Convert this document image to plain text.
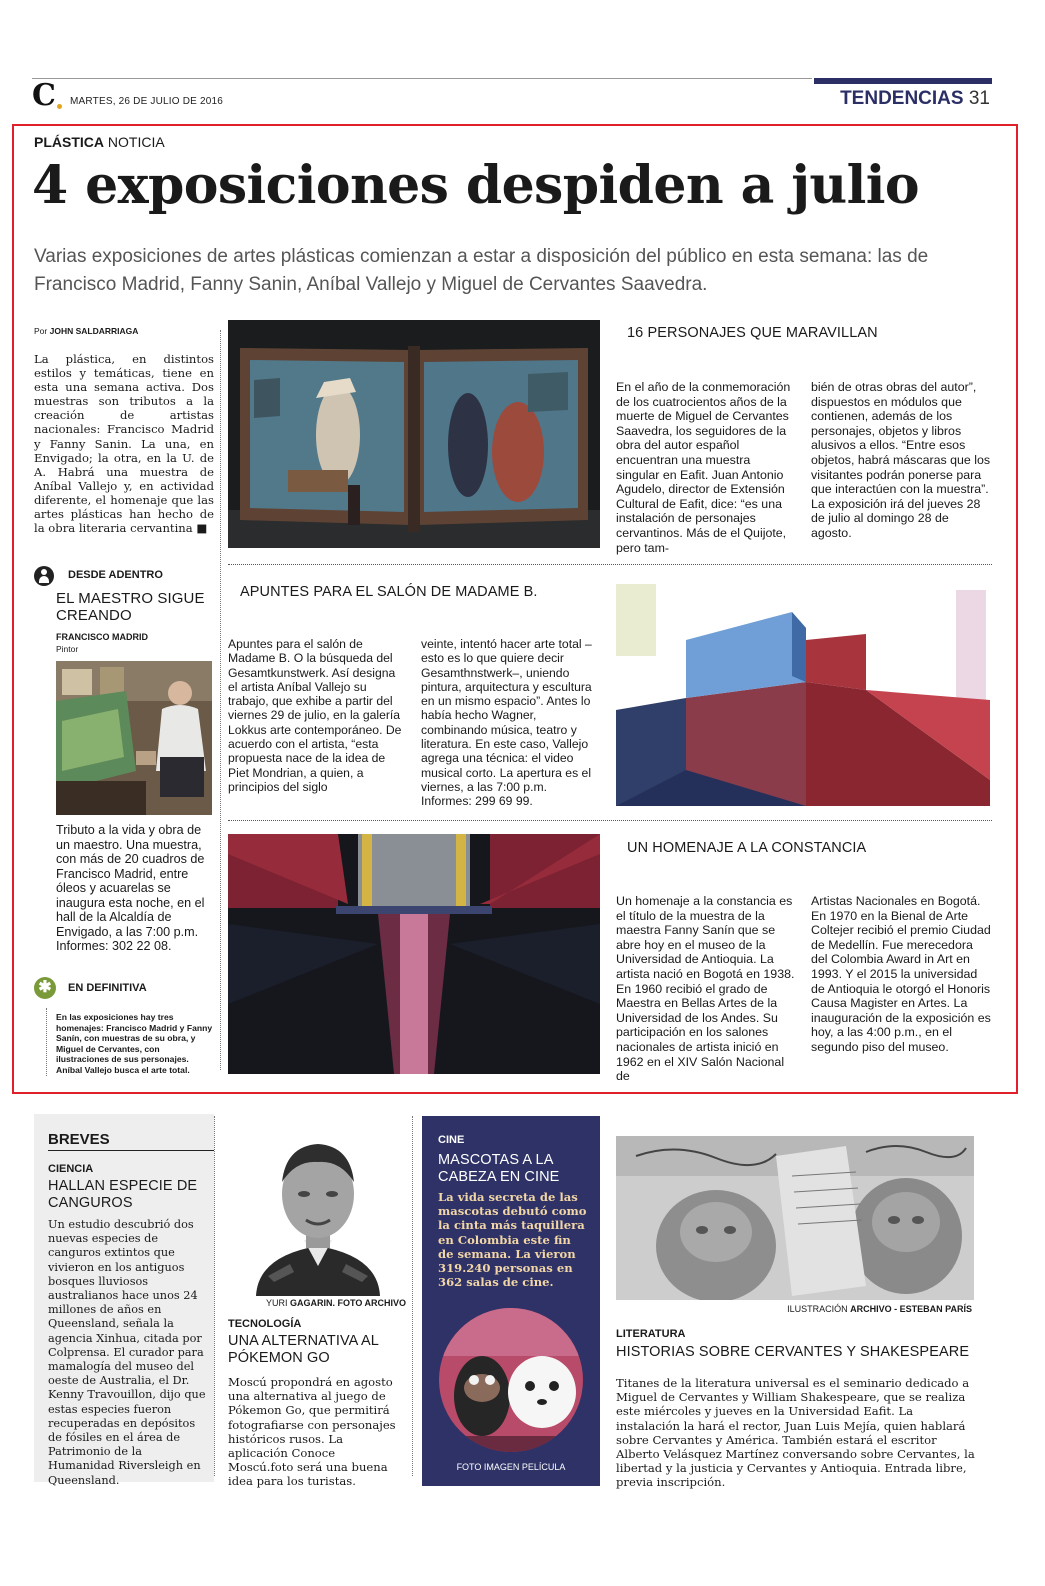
C MARTES, 26 DE JULIO DE 2016	TENDENCIAS 31
PLÁSTICA NOTICIA
4 exposiciones despiden a julio
Varias exposiciones de artes plásticas comienzan a estar a disposición del público en esta semana: las de Francisco Madrid, Fanny Sanin, Aníbal Vallejo y Miguel de Cervantes Saavedra.
Por JOHN SALDARRIAGA
La plástica, en distintos estilos y temáticas, tiene en esta una semana activa. Dos muestras son tributos a la creación de artistas nacionales: Francisco Madrid y Fanny Sanin. La una, en Envigado; la otra, en la U. de A. Habrá una muestra de Aníbal Vallejo y, en actividad diferente, el homenaje que las artes plásticas han hecho de la obra literaria cervantina ■
16 PERSONAJES QUE MARAVILLAN
En el año de la conmemoración de los cuatrocientos años de la muerte de Miguel de Cervantes Saavedra, los seguidores de la obra del autor español encuentran una muestra singular en Eafit. Juan Antonio Agudelo, director de Extensión Cultural de Eafit, dice: “es una instalación de personajes cervantinos. Más de el Quijote, pero tam-
bién de otras obras del autor”, dispuestos en módulos que contienen, además de los personajes, objetos y libros alusivos a ellos. “Entre esos objetos, habrá máscaras que los visitantes podrán ponerse para que interactúen con la muestra”. La exposición irá del jueves 28 de julio al domingo 28 de agosto.
DESDE ADENTRO
EL MAESTRO SIGUE CREANDO
FRANCISCO MADRID
Pintor
Tributo a la vida y obra de un maestro. Una muestra, con más de 20 cuadros de Francisco Madrid, entre óleos y acuarelas se inaugura esta noche, en el hall de la Alcaldía de Envigado, a las 7:00 p.m. Informes: 302 22 08.
✱	EN DEFINITIVA
En las exposiciones hay tres homenajes: Francisco Madrid y Fanny Sanín, con muestras de su obra, y Miguel de Cervantes, con ilustraciones de sus personajes. Aníbal Vallejo busca el arte total.
APUNTES PARA EL SALÓN DE MADAME B.
Apuntes para el salón de Madame B. O la búsqueda del Gesamtkunstwerk. Así designa el artista Aníbal Vallejo su trabajo, que exhibe a partir del viernes 29 de julio, en la galería Lokkus arte contemporáneo. De acuerdo con el artista, “esta propuesta nace de la idea de Piet Mondrian, a quien, a principios del siglo
veinte, intentó hacer arte total –esto es lo que quiere decir Gesamthnstwerk–, uniendo pintura, arquitectura y escultura en un mismo espacio”. Antes lo había hecho Wagner, combinando música, teatro y literatura. En este caso, Vallejo agrega una técnica: el video musical corto. La apertura es el viernes, a las 7:00 p.m. Informes: 299 69 99.
UN HOMENAJE A LA CONSTANCIA
Un homenaje a la constancia es el título de la muestra de la maestra Fanny Sanín que se abre hoy en el museo de la Universidad de Antioquia. La artista nació en Bogotá en 1938. En 1960 recibió el grado de Maestra en Bellas Artes de la Universidad de los Andes. Su participación en los salones nacionales de artista inició en 1962 en el XIV Salón Nacional de
Artistas Nacionales en Bogotá. En 1970 en la Bienal de Arte Coltejer recibió el premio Ciudad de Medellín. Fue merecedora del Colombia Award in Art en 1993. Y el 2015 la universidad de Antioquia le otorgó el Honoris Causa Magister en Artes. La inauguración de la exposición es hoy, a las 4:00 p.m., en el segundo piso del museo.
BREVES
CIENCIA
HALLAN ESPECIE DE CANGUROS
Un estudio descubrió dos nuevas especies de canguros extintos que vivieron en los antiguos bosques lluviosos australianos hace unos 24 millones de años en Queensland, señala la agencia Xinhua, citada por Colprensa. El curador para mamalogía del museo del oeste de Australia, el Dr. Kenny Travouillon, dijo que estas especies fueron recuperadas en depósitos de fósiles en el área de Patrimonio de la Humanidad Riversleigh en Queensland.
YURI GAGARIN. FOTO ARCHIVO
TECNOLOGÍA
UNA ALTERNATIVA AL PÓKEMON GO
Moscú propondrá en agosto una alternativa al juego de Pókemon Go, que permitirá fotografiarse con personajes históricos rusos. La aplicación Conoce Moscú.foto será una buena idea para los turistas.
CINE
MASCOTAS A LA CABEZA EN CINE
La vida secreta de las mascotas debutó como la cinta más taquillera en Colombia este fin de semana. La vieron 319.240 personas en 362 salas de cine.
FOTO IMAGEN PELÍCULA
ILUSTRACIÓN ARCHIVO - ESTEBAN PARÍS
LITERATURA
HISTORIAS SOBRE CERVANTES Y SHAKESPEARE
Titanes de la literatura universal es el seminario dedicado a Miguel de Cervantes y William Shakespeare, que se realiza este miércoles y jueves en la Universidad Eafit. La instalación la hará el rector, Juan Luis Mejía, quien hablará sobre Cervantes y América. También estará el escritor Alberto Velásquez Martínez conversando sobre Cervantes, la libertad y la justicia y Cervantes y Antioquia. Entrada libre, previa inscripción.
